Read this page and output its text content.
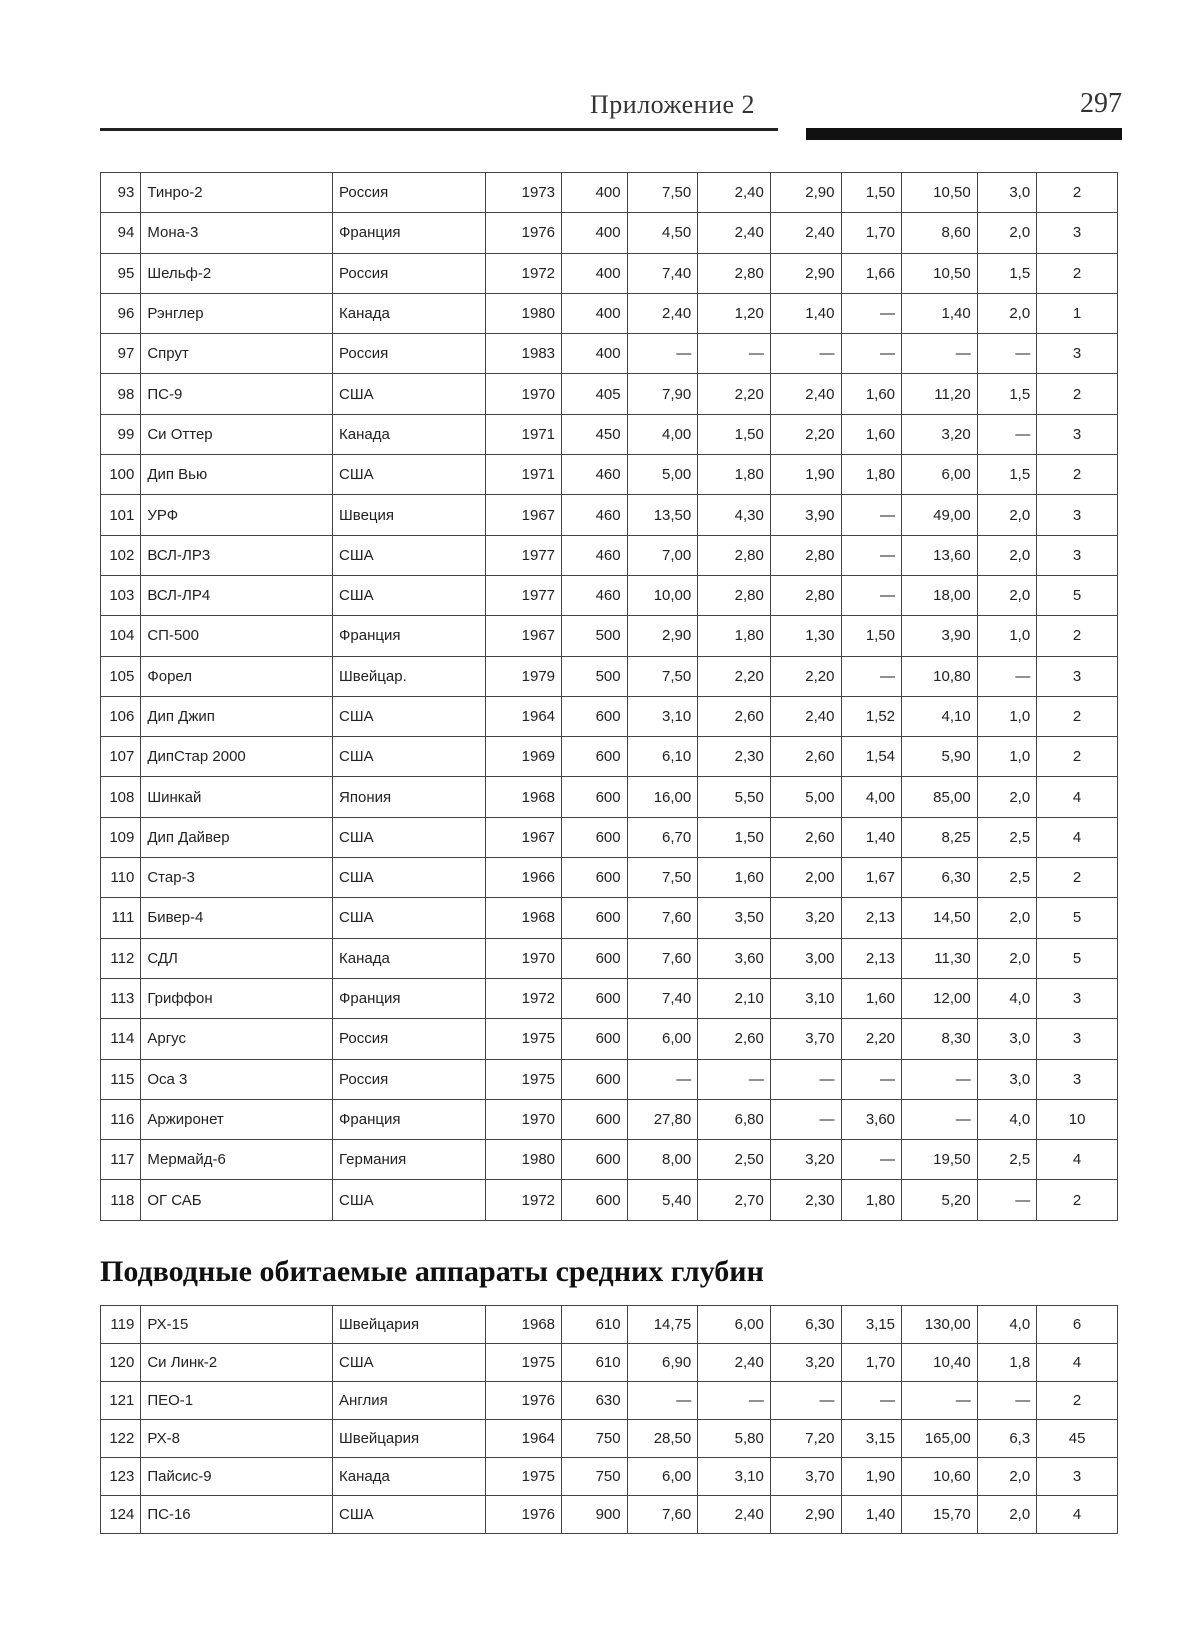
Приложение 2	297
93	Тинро-2	Россия	1973	400	7,50	2,40	2,90	1,50	10,50	3,0	2
94	Мона-3	Франция	1976	400	4,50	2,40	2,40	1,70	8,60	2,0	3
95	Шельф-2	Россия	1972	400	7,40	2,80	2,90	1,66	10,50	1,5	2
96	Рэнглер	Канада	1980	400	2,40	1,20	1,40	—	1,40	2,0	1
97	Спрут	Россия	1983	400	—	—	—	—	—	—	3
98	ПС-9	США	1970	405	7,90	2,20	2,40	1,60	11,20	1,5	2
99	Си Оттер	Канада	1971	450	4,00	1,50	2,20	1,60	3,20	—	3
100	Дип Вью	США	1971	460	5,00	1,80	1,90	1,80	6,00	1,5	2
101	УРФ	Швеция	1967	460	13,50	4,30	3,90	—	49,00	2,0	3
102	ВСЛ-ЛР3	США	1977	460	7,00	2,80	2,80	—	13,60	2,0	3
103	ВСЛ-ЛР4	США	1977	460	10,00	2,80	2,80	—	18,00	2,0	5
104	СП-500	Франция	1967	500	2,90	1,80	1,30	1,50	3,90	1,0	2
105	Форел	Швейцар.	1979	500	7,50	2,20	2,20	—	10,80	—	3
106	Дип Джип	США	1964	600	3,10	2,60	2,40	1,52	4,10	1,0	2
107	ДипСтар 2000	США	1969	600	6,10	2,30	2,60	1,54	5,90	1,0	2
108	Шинкай	Япония	1968	600	16,00	5,50	5,00	4,00	85,00	2,0	4
109	Дип Дайвер	США	1967	600	6,70	1,50	2,60	1,40	8,25	2,5	4
110	Стар-3	США	1966	600	7,50	1,60	2,00	1,67	6,30	2,5	2
111	Бивер-4	США	1968	600	7,60	3,50	3,20	2,13	14,50	2,0	5
112	СДЛ	Канада	1970	600	7,60	3,60	3,00	2,13	11,30	2,0	5
113	Гриффон	Франция	1972	600	7,40	2,10	3,10	1,60	12,00	4,0	3
114	Аргус	Россия	1975	600	6,00	2,60	3,70	2,20	8,30	3,0	3
115	Оса 3	Россия	1975	600	—	—	—	—	—	3,0	3
116	Аржиронет	Франция	1970	600	27,80	6,80	—	3,60	—	4,0	10
117	Мермайд-6	Германия	1980	600	8,00	2,50	3,20	—	19,50	2,5	4
118	ОГ САБ	США	1972	600	5,40	2,70	2,30	1,80	5,20	—	2
Подводные обитаемые аппараты средних глубин
119	РХ-15	Швейцария	1968	610	14,75	6,00	6,30	3,15	130,00	4,0	6
120	Си Линк-2	США	1975	610	6,90	2,40	3,20	1,70	10,40	1,8	4
121	ПЕО-1	Англия	1976	630	—	—	—	—	—	—	2
122	РХ-8	Швейцария	1964	750	28,50	5,80	7,20	3,15	165,00	6,3	45
123	Пайсис-9	Канада	1975	750	6,00	3,10	3,70	1,90	10,60	2,0	3
124	ПС-16	США	1976	900	7,60	2,40	2,90	1,40	15,70	2,0	4
